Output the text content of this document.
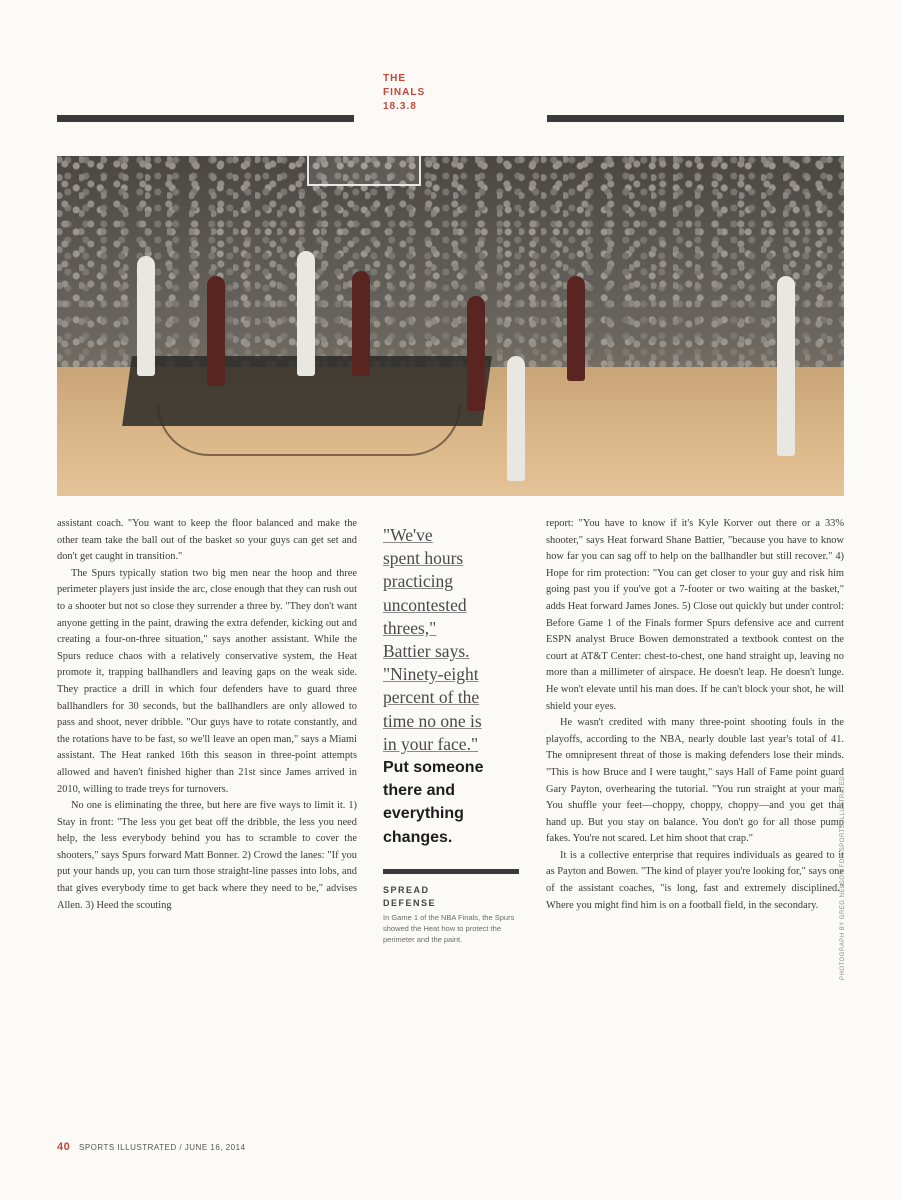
THE
FINALS
18.3.8

assistant coach. "You want to keep the floor balanced and make the other team take the ball out of the basket so your guys can get set and don't get caught in transition."

The Spurs typically station two big men near the hoop and three perimeter players just inside the arc, close enough that they can rush out to a shooter but not so close they surrender a three by. "They don't want anyone getting in the paint, drawing the extra defender, kicking out and creating a four-on-three situation," says another assistant. While the Spurs reduce chaos with a relatively conservative system, the Heat promote it, trapping ballhandlers and leaving gaps on the weak side. They practice a drill in which four defenders have to guard three ballhandlers for 30 seconds, but the ballhandlers are only allowed to pass and shoot, never dribble. "Our guys have to rotate constantly, and the rotations have to be fast, so we'll leave an open man," says a Miami assistant. The Heat ranked 16th this season in three-point attempts allowed and haven't finished higher than 21st since James arrived in 2010, willing to trade treys for turnovers.

No one is eliminating the three, but here are five ways to limit it. 1) Stay in front: "The less you get beat off the dribble, the less you need help, the less everybody behind you has to scramble to cover the shooters," says Spurs forward Matt Bonner. 2) Crowd the lanes: "If you put your hands up, you can turn those straight-line passes into lobs, and that gives everybody time to get back where they need to be," advises Allen. 3) Heed the scouting

"We've
spent hours
practicing
uncontested
threes,"
Battier says.
"Ninety-eight
percent of the
time no one is
in your face."
Put someone
there and
everything
changes.
SPREAD
DEFENSE
In Game 1 of the NBA Finals, the Spurs showed the Heat how to protect the perimeter and the paint.

report: "You have to know if it's Kyle Korver out there or a 33% shooter," says Heat forward Shane Battier, "because you have to know how far you can sag off to help on the ballhandler but still recover." 4) Hope for rim protection: "You can get closer to your guy and risk him going past you if you've got a 7-footer or two waiting at the basket," adds Heat forward James Jones. 5) Close out quickly but under control: Before Game 1 of the Finals former Spurs defensive ace and current ESPN analyst Bruce Bowen demonstrated a textbook contest on the court at AT&T Center: chest-to-chest, one hand straight up, leaving no more than a millimeter of airspace. He doesn't leap. He doesn't lunge. He won't elevate until his man does. If he can't block your shot, he will shield your eyes.

He wasn't credited with many three-point shooting fouls in the playoffs, according to the NBA, nearly double last year's total of 41. The omnipresent threat of those is making defenders lose their minds. "This is how Bruce and I were taught," says Hall of Fame point guard Gary Payton, overhearing the tutorial. "You run straight at your man. You shuffle your feet—choppy, choppy, choppy—and you get that hand up. But you stay on balance. You don't go for all those pump fakes. You're not scared. Let him shoot that crap."

It is a collective enterprise that requires individuals as geared to it as Payton and Bowen. "The kind of player you're looking for," says one of the assistant coaches, "is long, fast and extremely disciplined." Where you might find him is on a football field, in the secondary.

40 SPORTS ILLUSTRATED / JUNE 16, 2014
PHOTOGRAPH BY GREG NELSON FOR SPORTS ILLUSTRATED
